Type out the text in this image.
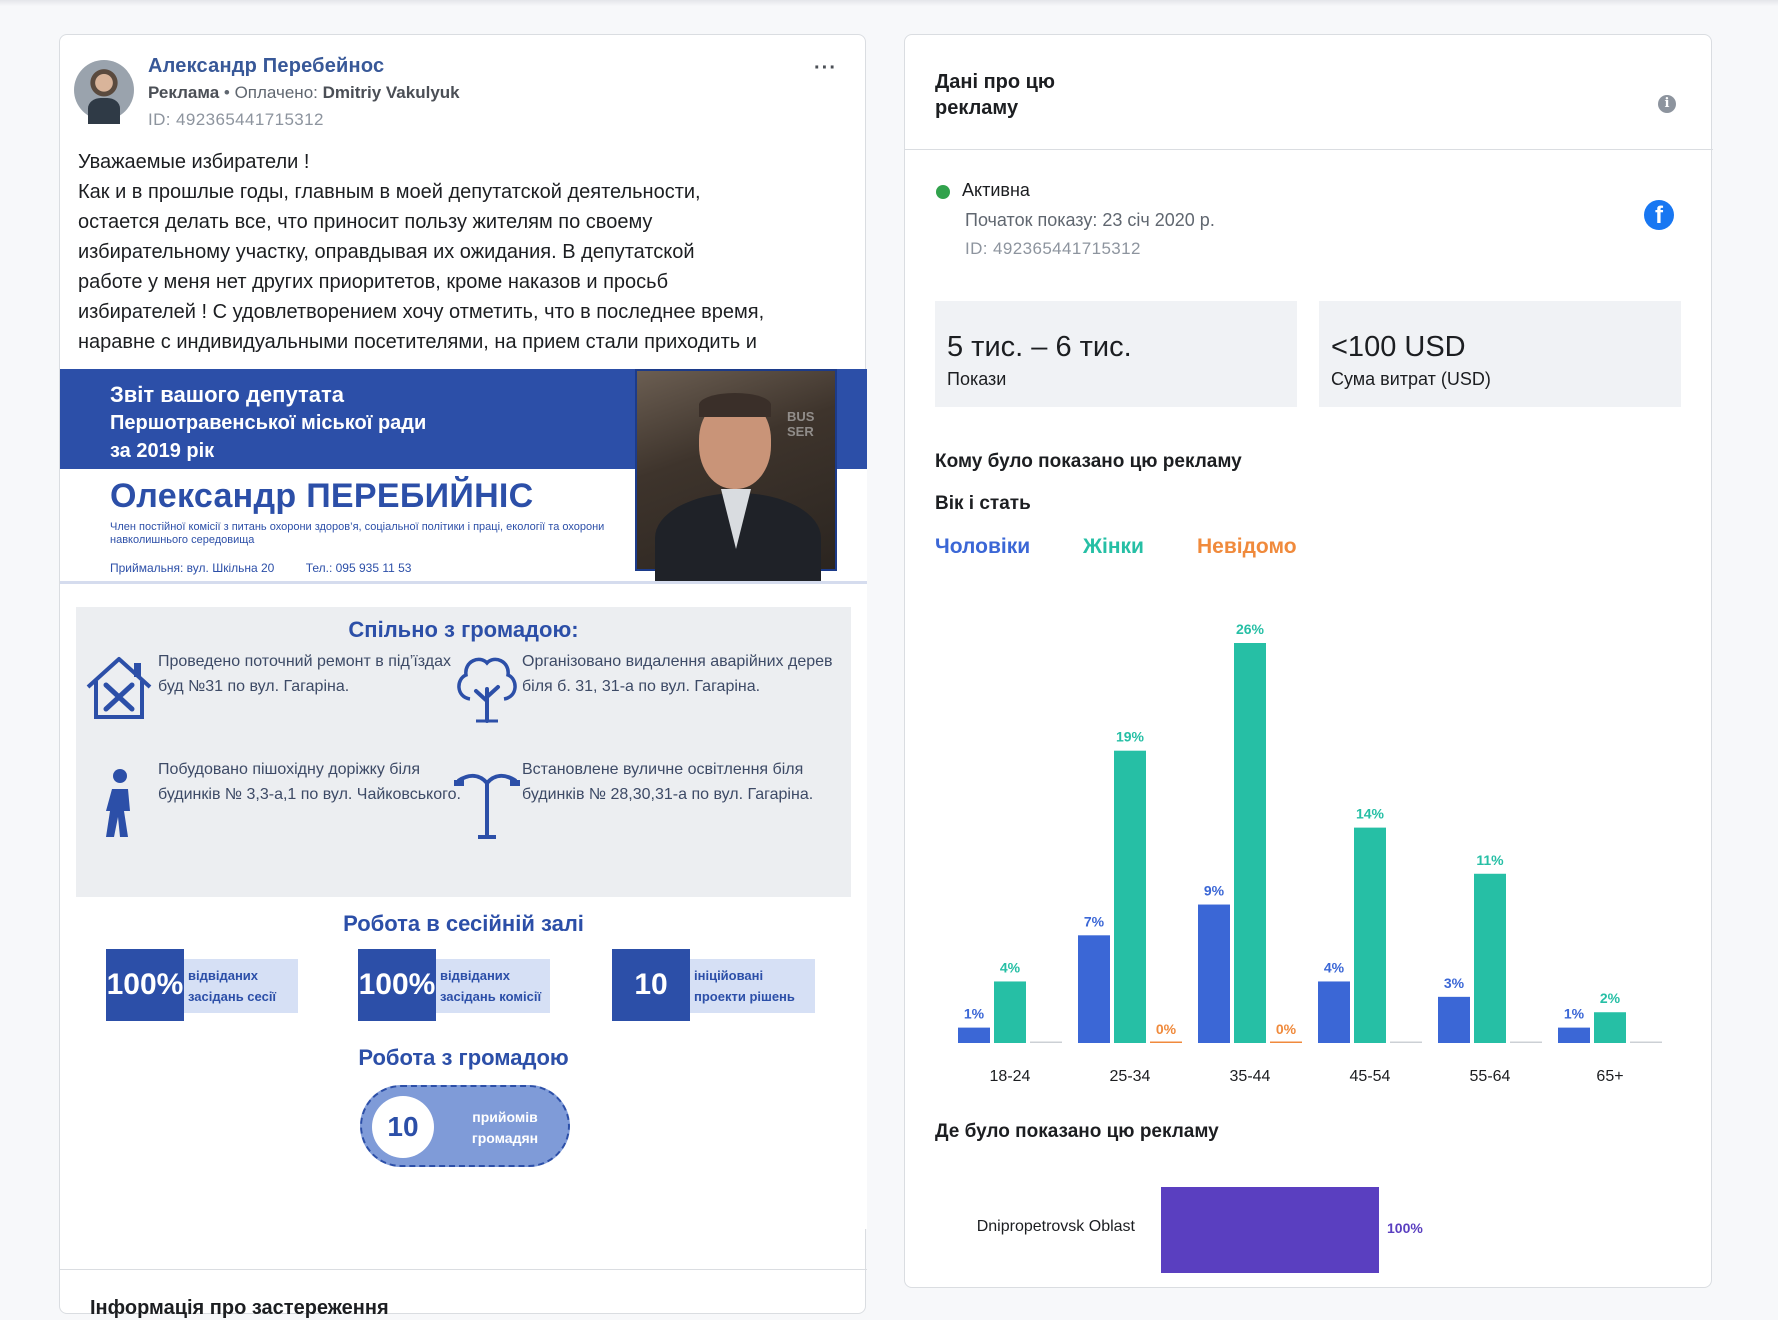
Александр Перебейнос
Реклама • Оплачено: Dmitriy Vakulyuk
ID: 492365441715312
···

Уважаемые избиратели !

Как и в прошлые годы, главным в моей депутатской деятельности,

остается делать все, что приносит пользу жителям по своему

избирательному участку, оправдывая их ожидания. В депутатской

работе у меня нет других приоритетов, кроме наказов и просьб

избирателей ! С удовлетворением хочу отметить, что в последнее время,

наравне с индивидуальными посетителями, на прием стали приходить и

Звіт вашого депутата
Першотравенської міської ради
за 2019 рік
BUS SER
Олександр ПЕРЕБИЙНІС
Член постійної комісії з питань охорони здоров’я, соціальної політики і праці, екології та охорони навколишнього середовища
Приймальня: вул. Шкільна 20	Тел.: 095 935 11 53
Спільно з громадою:
Проведено поточний ремонт в під’їздах буд №31 по вул. Гагаріна.
Організовано видалення аварійних дерев біля б. 31, 31-а по вул. Гагаріна.
Побудовано пішохідну доріжку біля будинків № 3,3-а,1 по вул. Чайковського.
Встановлене вуличне освітлення біля будинків № 28,30,31-а по вул. Гагаріна.
Робота в сесійній залі
100% відвіданих засідань сесії	100% відвіданих засідань комісії	10	ініційовані проекти рішень
Робота з громадою
10	прийомів громадян
Інформація про застереження
Дані про цю
рекламу	i
Активна
Початок показу: 23 січ 2020 р.
ID: 492365441715312
f
5 тис. – 6 тис.
Покази
<100 USD
Сума витрат (USD)
Кому було показано цю рекламу
Вік і стать
Чоловіки	Жінки	Невідомо
1%
4%
18-24
7%
19%
0%
25-34
9%
26%
0%
35-44
4%
14%
45-54
3%
11%
55-64
1%
2%
65+
Де було показано цю рекламу
Dnipropetrovsk Oblast	100%
